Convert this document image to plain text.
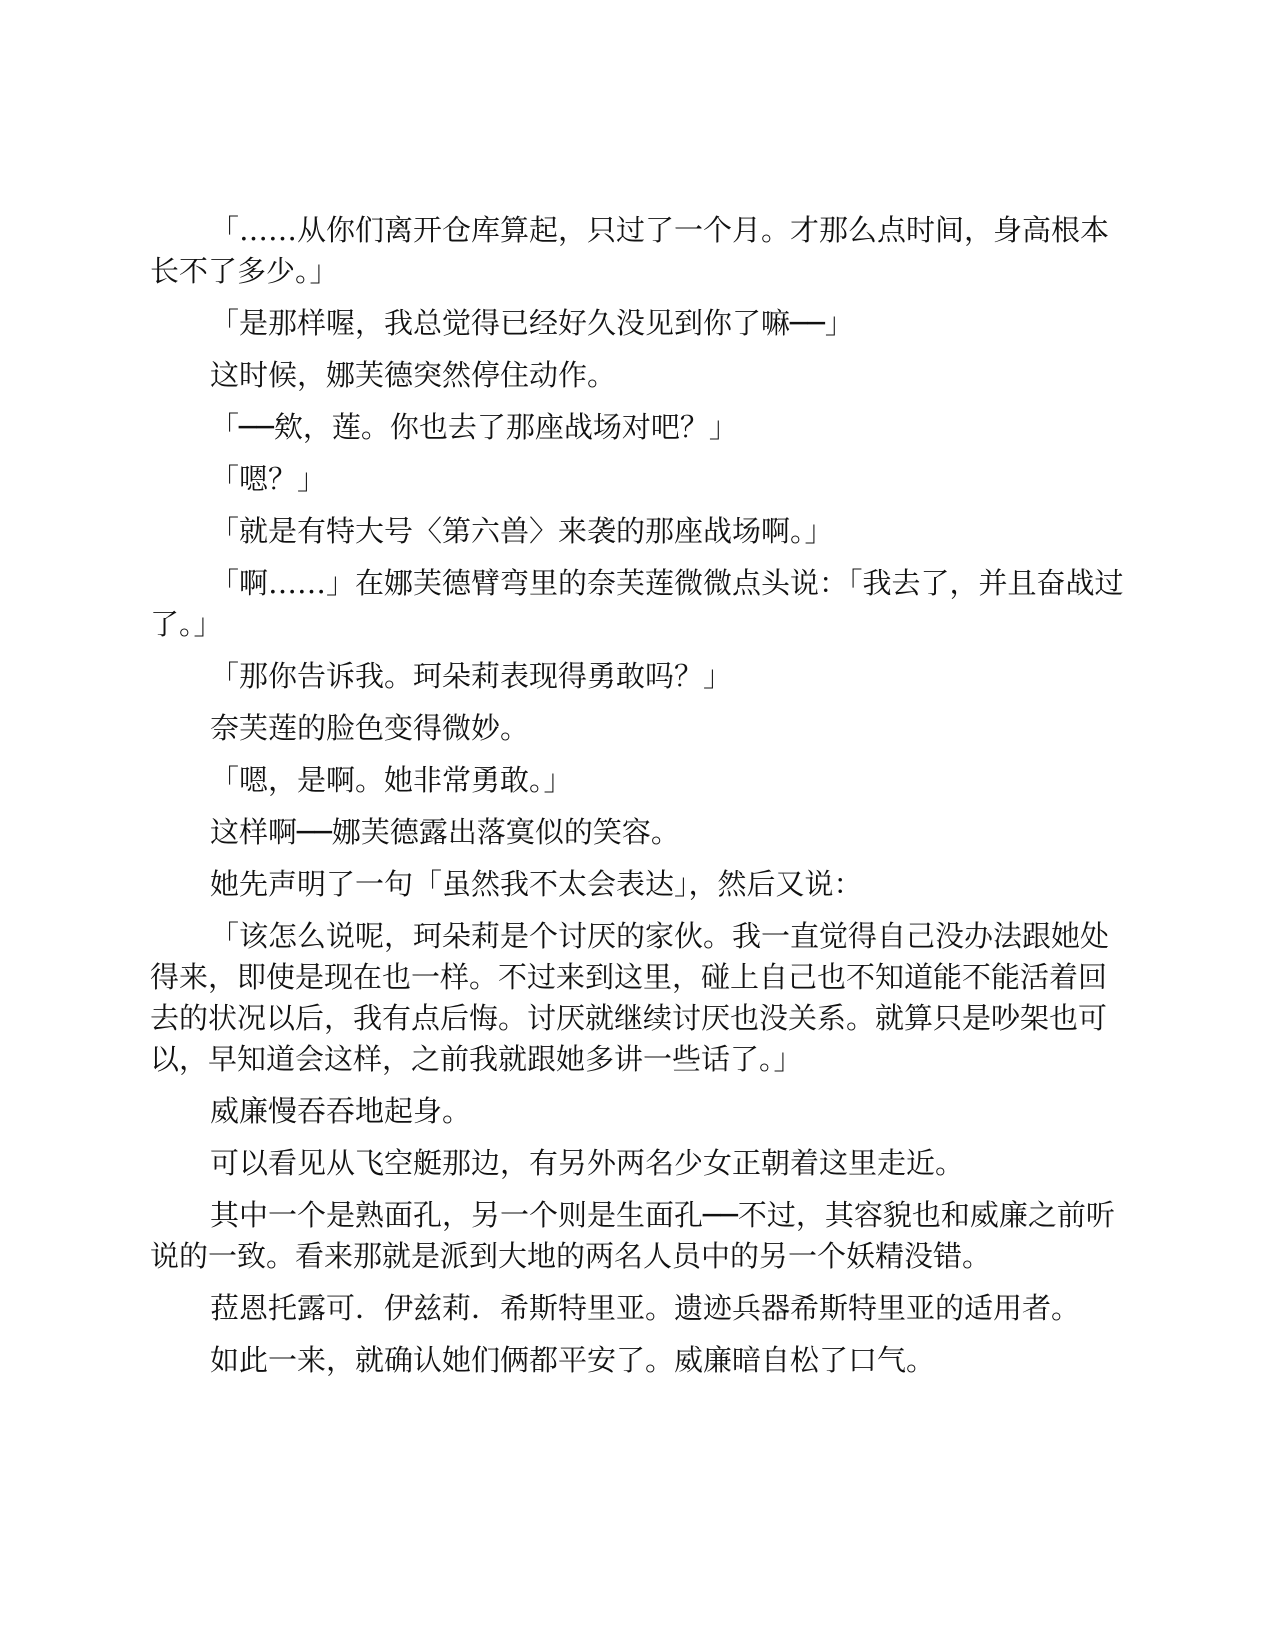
「……从你们离开仓库算起，只过了一个月。才那么点时间，身高根本长不了多少。」

「是那样喔，我总觉得已经好久没见到你了嘛──」

这时候，娜芙德突然停住动作。

「──欸，莲。你也去了那座战场对吧？」

「嗯？」

「就是有特大号〈第六兽〉来袭的那座战场啊。」

「啊……」在娜芙德臂弯里的奈芙莲微微点头说：「我去了，并且奋战过了。」

「那你告诉我。珂朵莉表现得勇敢吗？」

奈芙莲的脸色变得微妙。

「嗯，是啊。她非常勇敢。」

这样啊──娜芙德露出落寞似的笑容。

她先声明了一句「虽然我不太会表达」，然后又说：

「该怎么说呢，珂朵莉是个讨厌的家伙。我一直觉得自己没办法跟她处得来，即使是现在也一样。不过来到这里，碰上自己也不知道能不能活着回去的状况以后，我有点后悔。讨厌就继续讨厌也没关系。就算只是吵架也可以，早知道会这样，之前我就跟她多讲一些话了。」

威廉慢吞吞地起身。

可以看见从飞空艇那边，有另外两名少女正朝着这里走近。

其中一个是熟面孔，另一个则是生面孔──不过，其容貌也和威廉之前听说的一致。看来那就是派到大地的两名人员中的另一个妖精没错。

菈恩托露可．伊兹莉．希斯特里亚。遗迹兵器希斯特里亚的适用者。

如此一来，就确认她们俩都平安了。威廉暗自松了口气。
